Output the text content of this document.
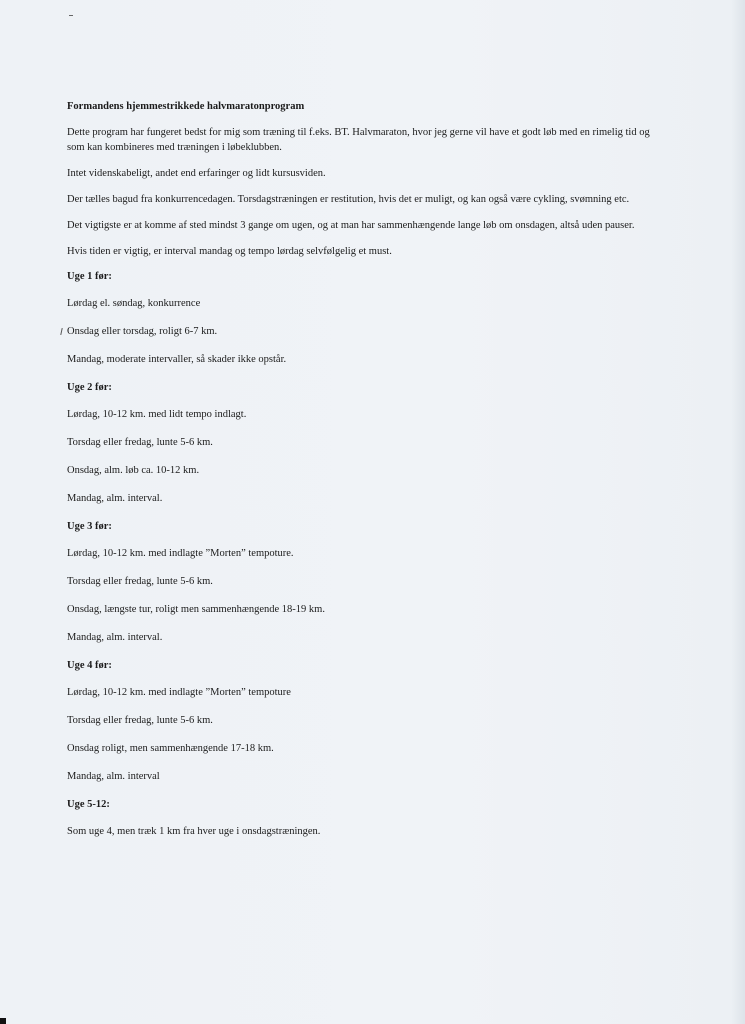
Formandens hjemmestrikkede halvmaratonprogram

Dette program har fungeret bedst for mig som træning til f.eks. BT. Halvmaraton, hvor jeg gerne vil have et godt løb med en rimelig tid og som kan kombineres med træningen i løbeklubben.

Intet videnskabeligt, andet end erfaringer og lidt kursusviden.

Der tælles bagud fra konkurrencedagen. Torsdagstræningen er restitution, hvis det er muligt, og kan også være cykling, svømning etc.

Det vigtigste er at komme af sted mindst 3 gange om ugen, og at man har sammenhængende lange løb om onsdagen, altså uden pauser.

Hvis tiden er vigtig, er interval mandag og tempo lørdag selvfølgelig et must.

Uge 1 før:
Lørdag el. søndag, konkurrence
Onsdag eller torsdag, roligt 6-7 km.
Mandag, moderate intervaller, så skader ikke opstår.
Uge 2 før:
Lørdag, 10-12 km. med lidt tempo indlagt.
Torsdag eller fredag, lunte 5-6 km.
Onsdag, alm. løb ca. 10-12 km.
Mandag, alm. interval.
Uge 3 før:
Lørdag, 10-12 km. med indlagte ”Morten” tempoture.
Torsdag eller fredag, lunte 5-6 km.
Onsdag, længste tur, roligt men sammenhængende 18-19 km.
Mandag, alm. interval.
Uge 4 før:
Lørdag, 10-12 km. med indlagte ”Morten” tempoture
Torsdag eller fredag, lunte 5-6 km.
Onsdag roligt, men sammenhængende 17-18 km.
Mandag, alm. interval
Uge 5-12:
Som uge 4, men træk 1 km fra hver uge i onsdagstræningen.
